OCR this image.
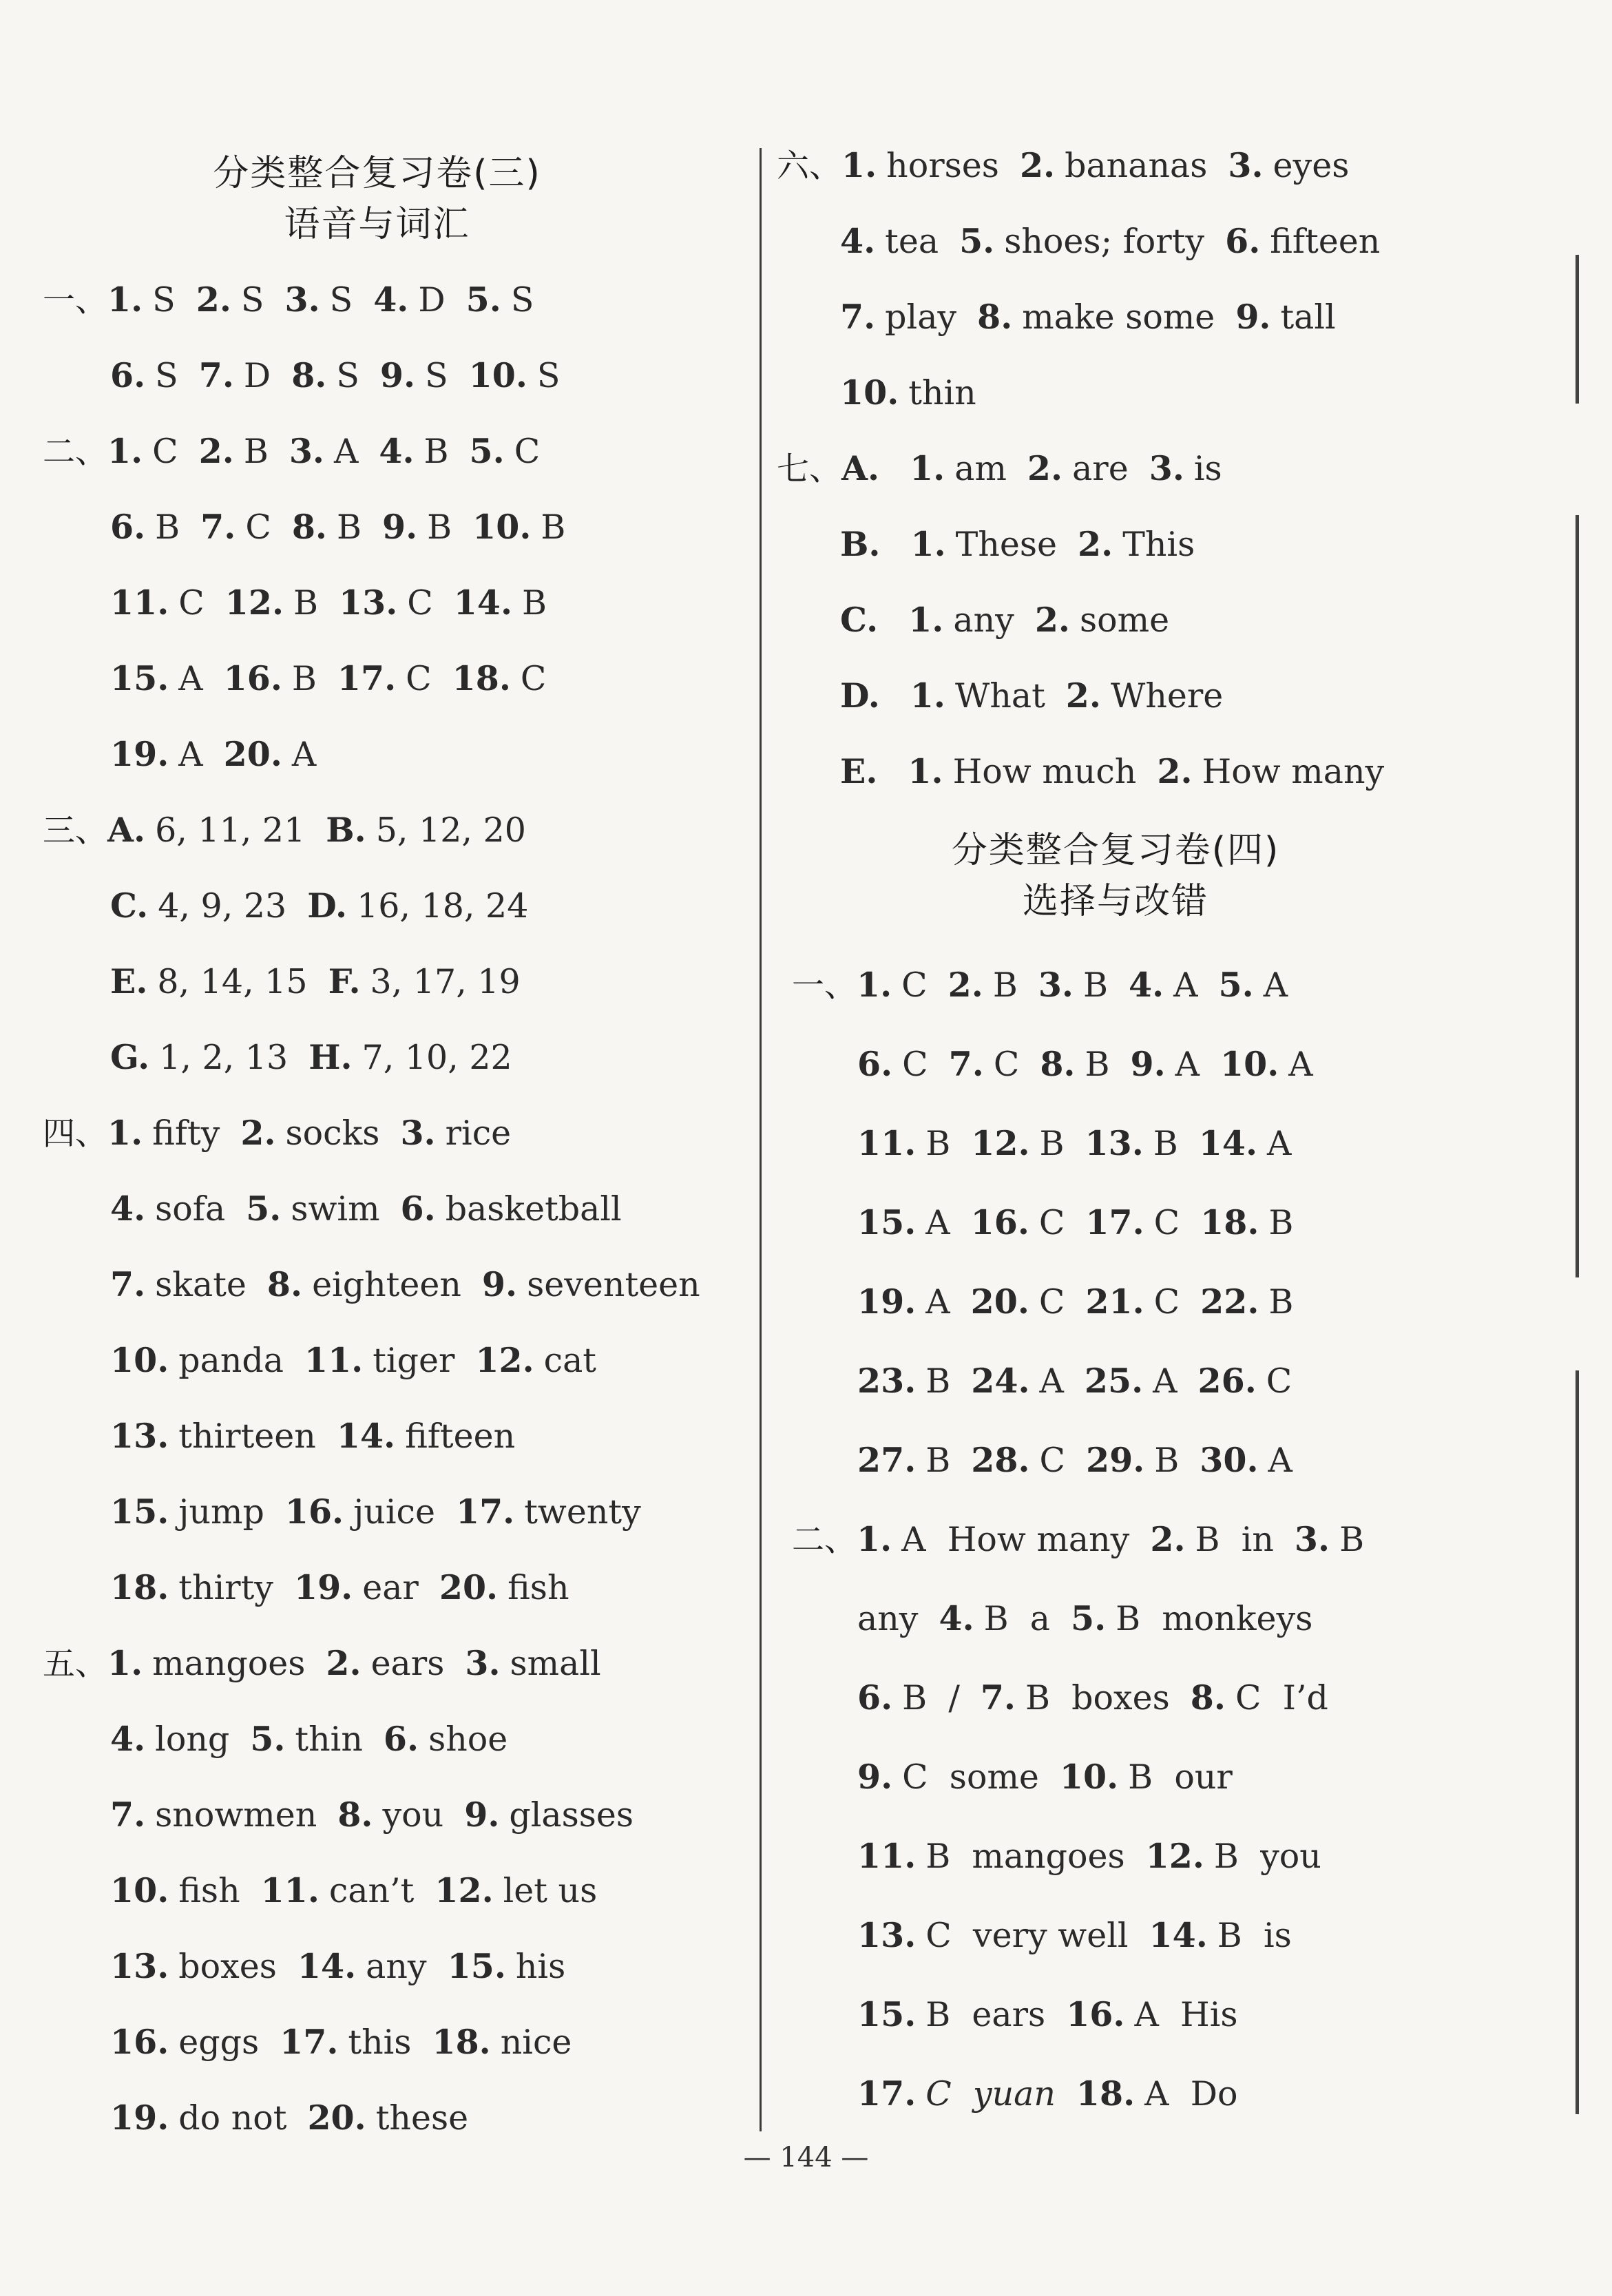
分类整合复习卷(三)
语音与词汇
一、1. S 2. S 3. S 4. D 5. S
6. S 7. D 8. S 9. S 10. S
二、1. C 2. B 3. A 4. B 5. C
6. B 7. C 8. B 9. B 10. B
11. C 12. B 13. C 14. B
15. A 16. B 17. C 18. C
19. A 20. A
三、A. 6, 11, 21 B. 5, 12, 20
C. 4, 9, 23 D. 16, 18, 24
E. 8, 14, 15 F. 3, 17, 19
G. 1, 2, 13 H. 7, 10, 22
四、1. fifty 2. socks 3. rice
4. sofa 5. swim 6. basketball
7. skate 8. eighteen 9. seventeen
10. panda 11. tiger 12. cat
13. thirteen 14. fifteen
15. jump 16. juice 17. twenty
18. thirty 19. ear 20. fish
五、1. mangoes 2. ears 3. small
4. long 5. thin 6. shoe
7. snowmen 8. you 9. glasses
10. fish 11. can’t 12. let us
13. boxes 14. any 15. his
16. eggs 17. this 18. nice
19. do not 20. these
六、1. horses 2. bananas 3. eyes
4. tea 5. shoes; forty 6. fifteen
7. play 8. make some 9. tall
10. thin
七、A. 1. am 2. are 3. is
B. 1. These 2. This
C. 1. any 2. some
D. 1. What 2. Where
E. 1. How much 2. How many
分类整合复习卷(四)
选择与改错
一、1. C 2. B 3. B 4. A 5. A
6. C 7. C 8. B 9. A 10. A
11. B 12. B 13. B 14. A
15. A 16. C 17. C 18. B
19. A 20. C 21. C 22. B
23. B 24. A 25. A 26. C
27. B 28. C 29. B 30. A
二、1. A  How many 2. B  in 3. B
any 4. B  a 5. B  monkeys
6. B  / 7. B  boxes 8. C  I’d
9. C  some 10. B  our
11. B  mangoes 12. B  you
13. C  very well 14. B  is
15. B  ears 16. A  His
17. C  yuan 18. A  Do
— 144 —
